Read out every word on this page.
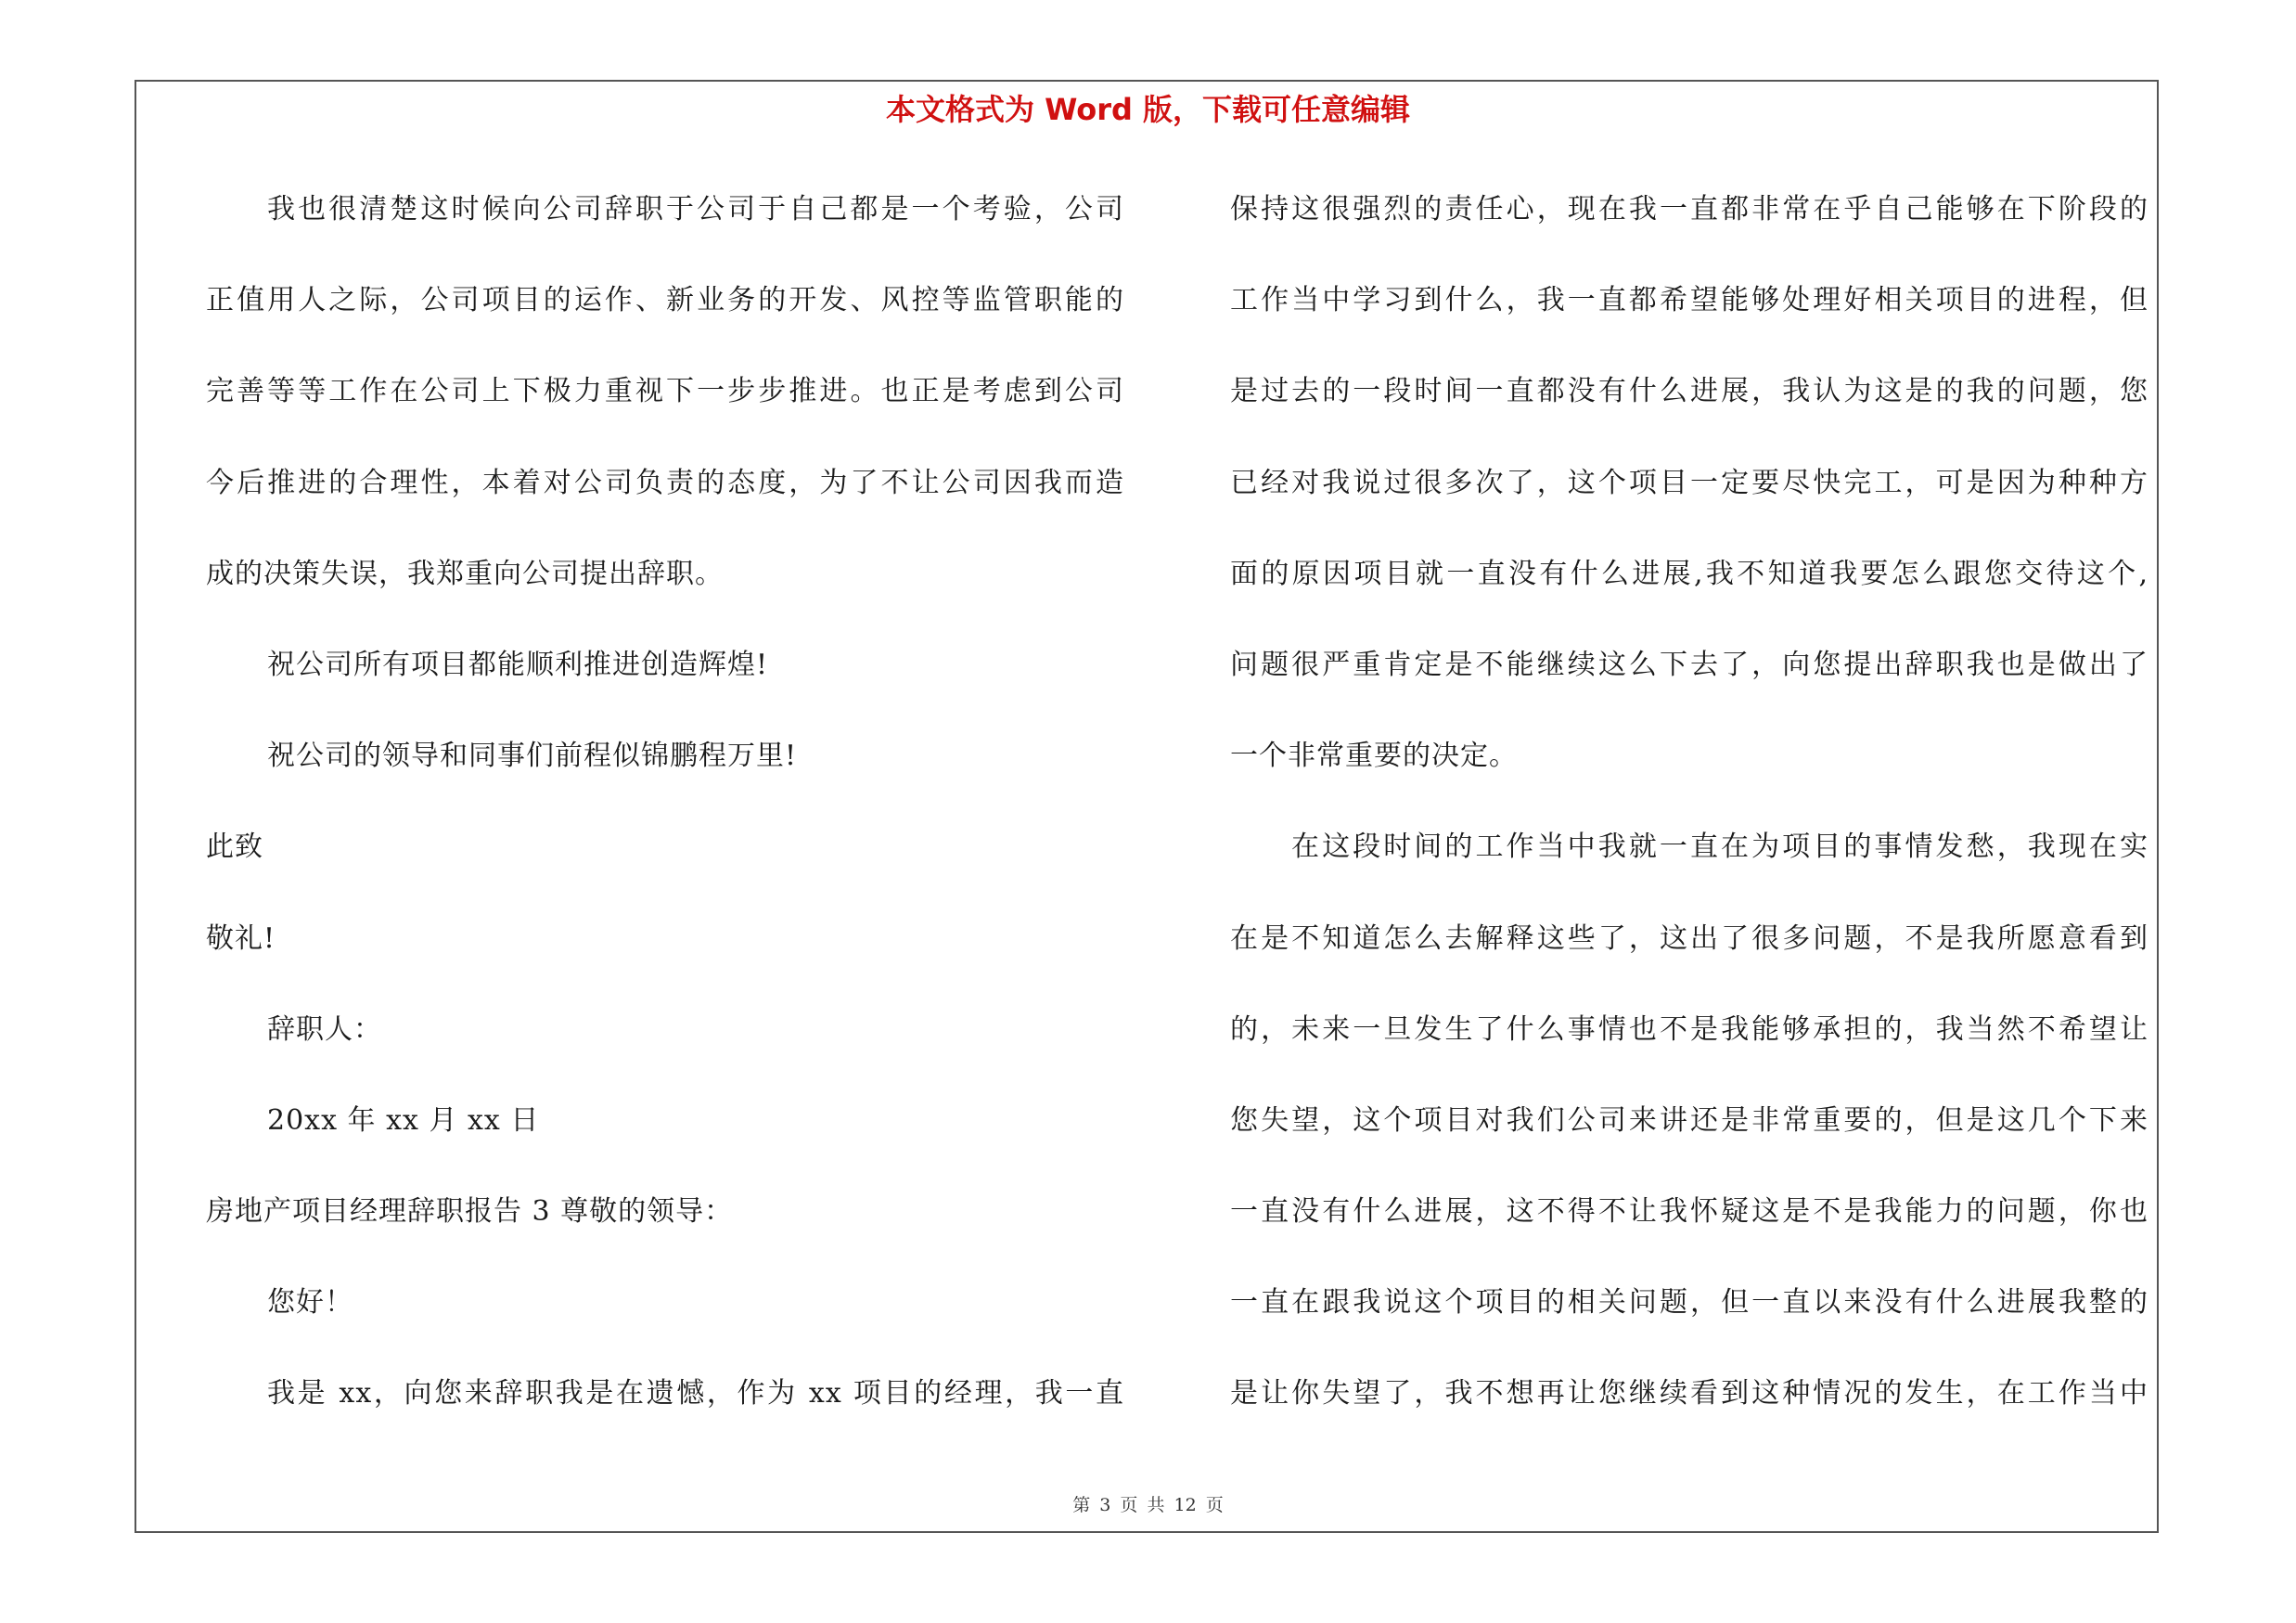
本文格式为 Word 版，下载可任意编辑
我也很清楚这时候向公司辞职于公司于自己都是一个考验，公司
正值用人之际，公司项目的运作、新业务的开发、风控等监管职能的
完善等等工作在公司上下极力重视下一步步推进。也正是考虑到公司
今后推进的合理性，本着对公司负责的态度，为了不让公司因我而造
成的决策失误，我郑重向公司提出辞职。
祝公司所有项目都能顺利推进创造辉煌!
祝公司的领导和同事们前程似锦鹏程万里!
此致
敬礼!
辞职人：
20xx 年 xx 月 xx 日
房地产项目经理辞职报告 3 尊敬的领导：
您好！
我是 xx，向您来辞职我是在遗憾，作为 xx 项目的经理，我一直
保持这很强烈的责任心，现在我一直都非常在乎自己能够在下阶段的
工作当中学习到什么，我一直都希望能够处理好相关项目的进程，但
是过去的一段时间一直都没有什么进展，我认为这是的我的问题，您
已经对我说过很多次了，这个项目一定要尽快完工，可是因为种种方
面的原因项目就一直没有什么进展,我不知道我要怎么跟您交待这个,
问题很严重肯定是不能继续这么下去了，向您提出辞职我也是做出了
一个非常重要的决定。
在这段时间的工作当中我就一直在为项目的事情发愁，我现在实
在是不知道怎么去解释这些了，这出了很多问题，不是我所愿意看到
的，未来一旦发生了什么事情也不是我能够承担的，我当然不希望让
您失望，这个项目对我们公司来讲还是非常重要的，但是这几个下来
一直没有什么进展，这不得不让我怀疑这是不是我能力的问题，你也
一直在跟我说这个项目的相关问题，但一直以来没有什么进展我整的
是让你失望了，我不想再让您继续看到这种情况的发生，在工作当中
第 3 页 共 12 页
